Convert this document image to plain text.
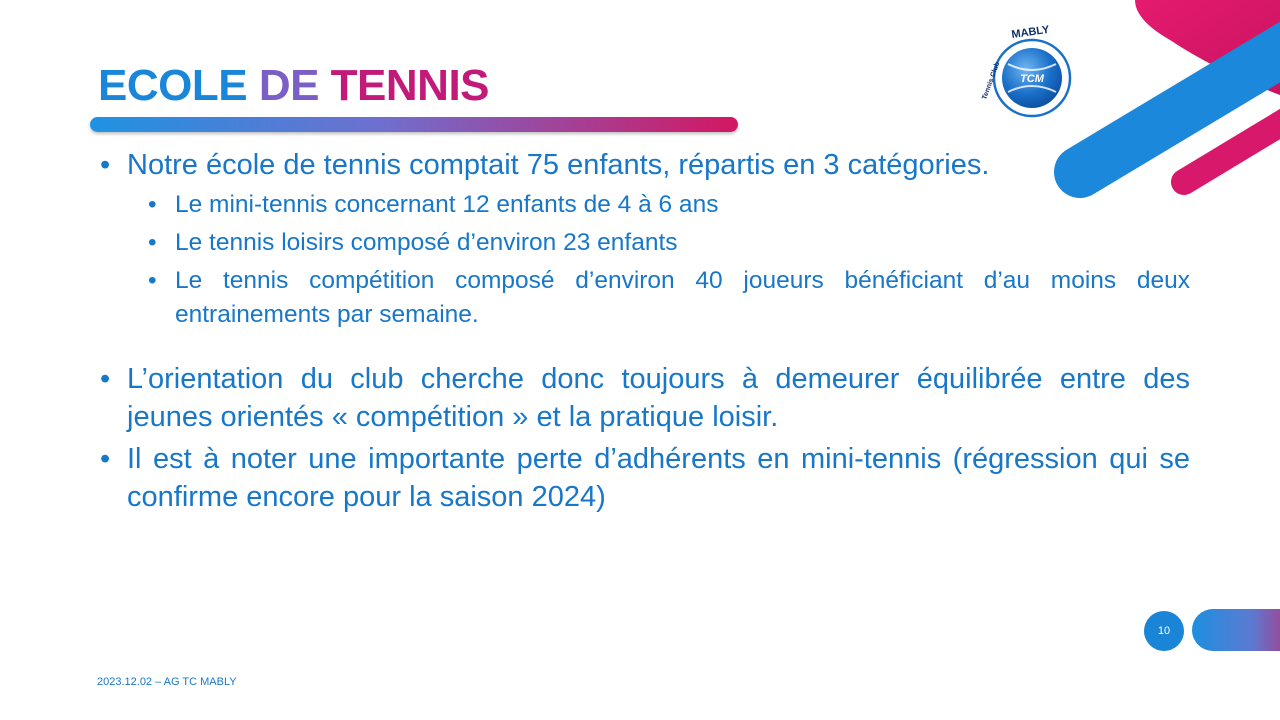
Tennis Club
MABLY
TCM
ECOLE DE TENNIS
• Notre école de tennis comptait 75 enfants, répartis en 3 catégories.
• Le mini-tennis concernant 12 enfants de 4 à 6 ans
• Le tennis loisirs composé d’environ 23 enfants
• Le tennis compétition composé d’environ 40 joueurs bénéficiant d’au moins deux entrainements par semaine.
• L’orientation du club cherche donc toujours à demeurer équilibrée entre des jeunes orientés « compétition » et la pratique loisir.
• Il est à noter une importante perte d’adhérents en mini-tennis (régression qui se confirme encore pour la saison 2024)
10
2023.12.02 – AG TC MABLY
